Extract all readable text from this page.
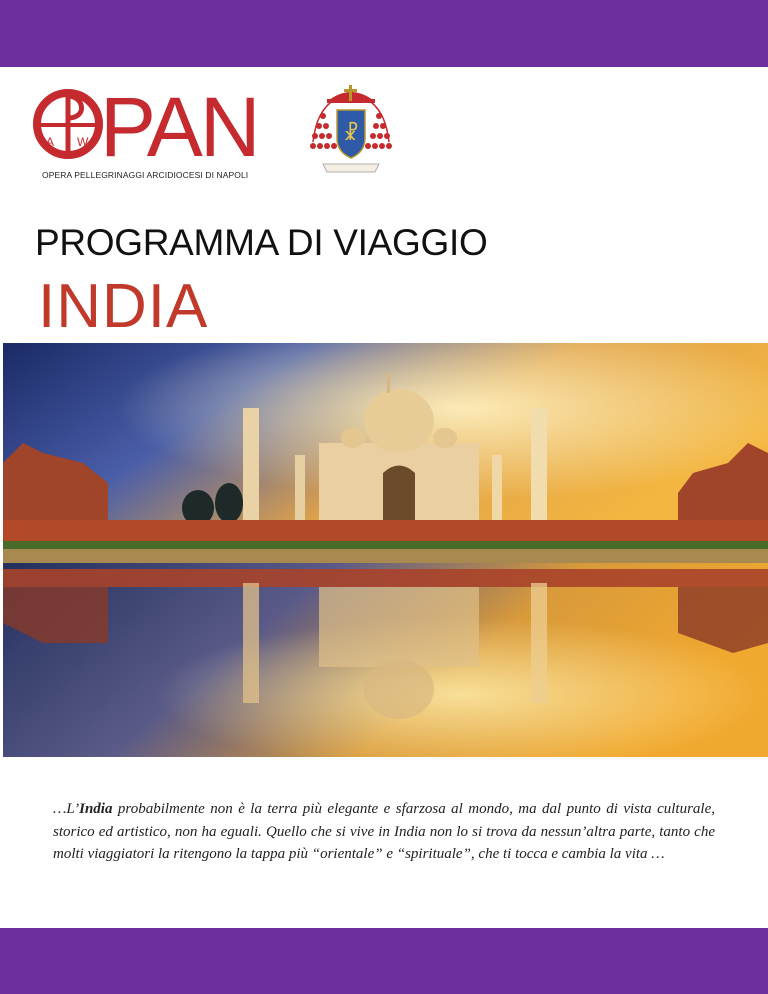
A W PAN
OPERA PELLEGRINAGGI ARCIDIOCESI DI NAPOLI
☧
PROGRAMMA DI VIAGGIO
INDIA

…L’India probabilmente non è la terra più elegante e sfarzosa al mondo, ma dal punto di vista culturale, storico ed artistico, non ha eguali. Quello che si vive in India non lo si trova da nessun’altra parte, tanto che molti viaggiatori la ritengono la tappa più “orientale” e “spirituale”, che ti tocca e cambia la vita …
